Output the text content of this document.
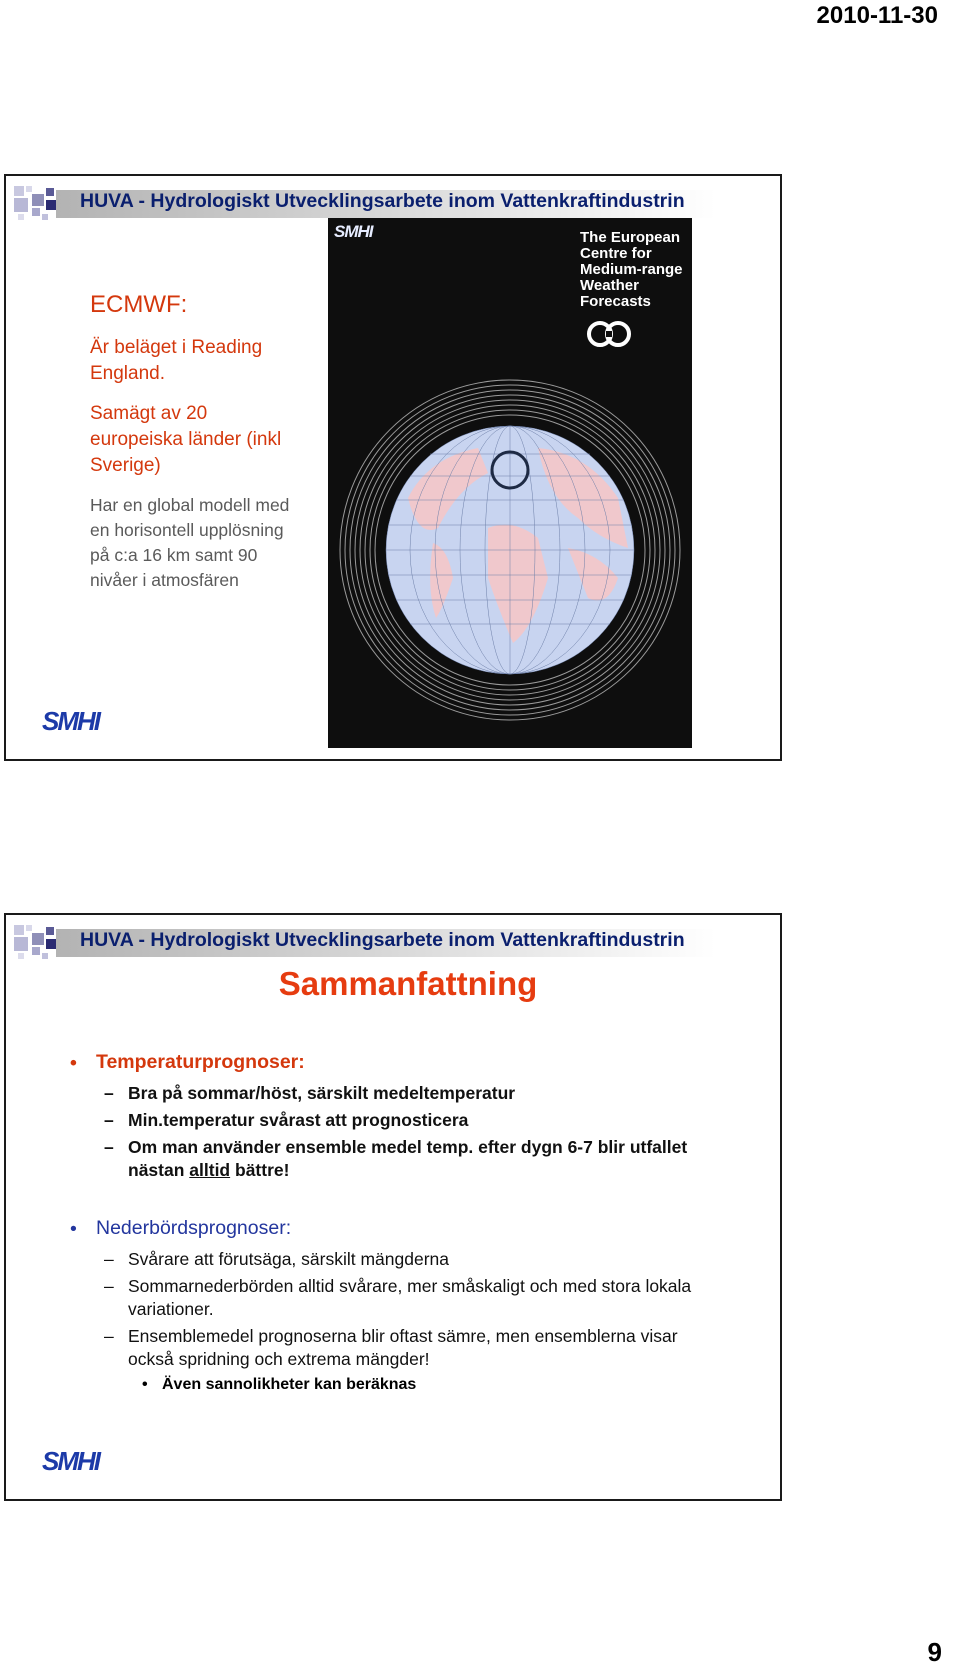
2010-11-30
HUVA - Hydrologiskt Utvecklingsarbete inom Vattenkraftindustrin

ECMWF:

Är beläget i Reading England.

Samägt av 20 europeiska länder (inkl Sverige)

Har en global modell med en horisontell upplösning på c:a 16 km samt 90 nivåer i atmosfären

SMHI	The European
Centre for
Medium-range
Weather
Forecasts

SMHI
HUVA - Hydrologiskt Utvecklingsarbete inom Vattenkraftindustrin
Sammanfattning

• Temperaturprognoser:

– Bra på sommar/höst, särskilt medeltemperatur

– Min.temperatur svårast att prognosticera

– Om man använder ensemble medel temp. efter dygn 6-7 blir utfallet nästan alltid bättre!

• Nederbördsprognoser:

– Svårare att förutsäga, särskilt mängderna

– Sommarnederbörden alltid svårare, mer småskaligt och med stora lokala variationer.

– Ensemblemedel prognoserna blir oftast sämre, men ensemblerna visar också spridning och extrema mängder!

• Även sannolikheter kan beräknas

SMHI
9
